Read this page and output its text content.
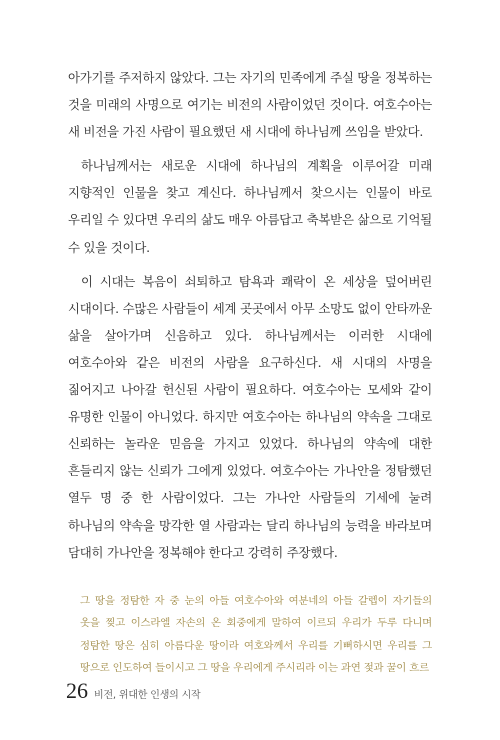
아가기를 주저하지 않았다. 그는 자기의 민족에게 주실 땅을 정복하는 것을 미래의 사명으로 여기는 비전의 사람이었던 것이다. 여호수아는 새 비전을 가진 사람이 필요했던 새 시대에 하나님께 쓰임을 받았다.

하나님께서는 새로운 시대에 하나님의 계획을 이루어갈 미래 지향적인 인물을 찾고 계신다. 하나님께서 찾으시는 인물이 바로 우리일 수 있다면 우리의 삶도 매우 아름답고 축복받은 삶으로 기억될 수 있을 것이다.

이 시대는 복음이 쇠퇴하고 탐욕과 쾌락이 온 세상을 덮어버린 시대이다. 수많은 사람들이 세계 곳곳에서 아무 소망도 없이 안타까운 삶을 살아가며 신음하고 있다. 하나님께서는 이러한 시대에 여호수아와 같은 비전의 사람을 요구하신다. 새 시대의 사명을 짊어지고 나아갈 헌신된 사람이 필요하다. 여호수아는 모세와 같이 유명한 인물이 아니었다. 하지만 여호수아는 하나님의 약속을 그대로 신뢰하는 놀라운 믿음을 가지고 있었다. 하나님의 약속에 대한 흔들리지 않는 신뢰가 그에게 있었다. 여호수아는 가나안을 정탐했던 열두 명 중 한 사람이었다. 그는 가나안 사람들의 기세에 눌려 하나님의 약속을 망각한 열 사람과는 달리 하나님의 능력을 바라보며 담대히 가나안을 정복해야 한다고 강력히 주장했다.

그 땅을 정탐한 자 중 눈의 아들 여호수아와 여분네의 아들 갈렙이 자기들의 옷을 찢고 이스라엘 자손의 온 회중에게 말하여 이르되 우리가 두루 다니며 정탐한 땅은 심히 아름다운 땅이라 여호와께서 우리를 기뻐하시면 우리를 그 땅으로 인도하여 들이시고 그 땅을 우리에게 주시리라 이는 과연 젖과 꿀이 흐르

26 비전, 위대한 인생의 시작
